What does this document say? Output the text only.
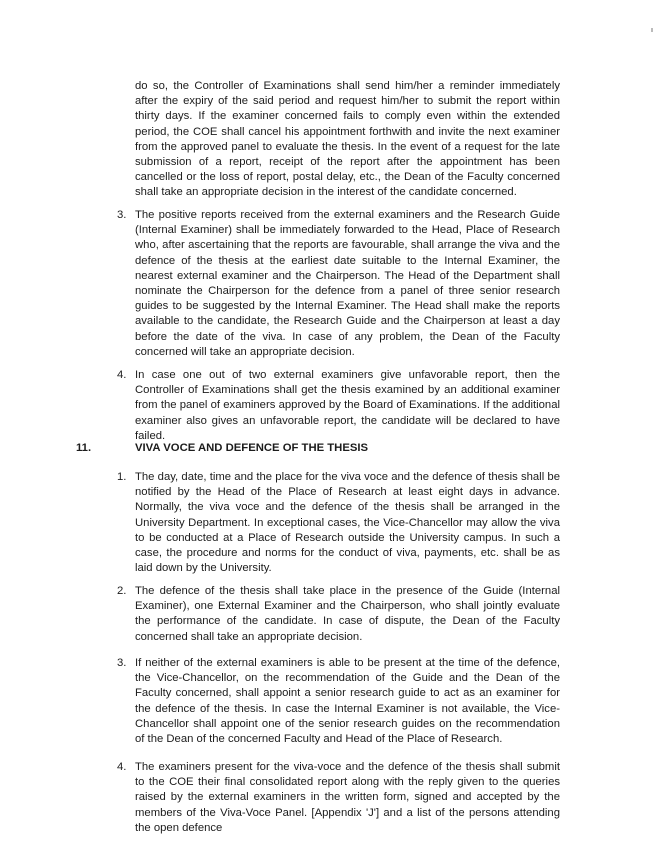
do so, the Controller of Examinations shall send him/her a reminder immediately after the expiry of the said period and request him/her to submit the report within thirty days. If the examiner concerned fails to comply even within the extended period, the COE shall cancel his appointment forthwith and invite the next examiner from the approved panel to evaluate the thesis. In the event of a request for the late submission of a report, receipt of the report after the appointment has been cancelled or the loss of report, postal delay, etc., the Dean of the Faculty concerned shall take an appropriate decision in the interest of the candidate concerned.

3. The positive reports received from the external examiners and the Research Guide (Internal Examiner) shall be immediately forwarded to the Head, Place of Research who, after ascertaining that the reports are favourable, shall arrange the viva and the defence of the thesis at the earliest date suitable to the Internal Examiner, the nearest external examiner and the Chairperson. The Head of the Department shall nominate the Chairperson for the defence from a panel of three senior research guides to be suggested by the Internal Examiner. The Head shall make the reports available to the candidate, the Research Guide and the Chairperson at least a day before the date of the viva. In case of any problem, the Dean of the Faculty concerned will take an appropriate decision.

4. In case one out of two external examiners give unfavorable report, then the Controller of Examinations shall get the thesis examined by an additional examiner from the panel of examiners approved by the Board of Examinations. If the additional examiner also gives an unfavorable report, the candidate will be declared to have failed.

11.	VIVA VOCE AND DEFENCE OF THE THESIS

1. The day, date, time and the place for the viva voce and the defence of thesis shall be notified by the Head of the Place of Research at least eight days in advance. Normally, the viva voce and the defence of the thesis shall be arranged in the University Department. In exceptional cases, the Vice-Chancellor may allow the viva to be conducted at a Place of Research outside the University campus. In such a case, the procedure and norms for the conduct of viva, payments, etc. shall be as laid down by the University.

2. The defence of the thesis shall take place in the presence of the Guide (Internal Examiner), one External Examiner and the Chairperson, who shall jointly evaluate the performance of the candidate. In case of dispute, the Dean of the Faculty concerned shall take an appropriate decision.

3. If neither of the external examiners is able to be present at the time of the defence, the Vice-Chancellor, on the recommendation of the Guide and the Dean of the Faculty concerned, shall appoint a senior research guide to act as an examiner for the defence of the thesis. In case the Internal Examiner is not available, the Vice-Chancellor shall appoint one of the senior research guides on the recommendation of the Dean of the concerned Faculty and Head of the Place of Research.

4. The examiners present for the viva-voce and the defence of the thesis shall submit to the COE their final consolidated report along with the reply given to the queries raised by the external examiners in the written form, signed and accepted by the members of the Viva-Voce Panel. [Appendix 'J'] and a list of the persons attending the open defence
